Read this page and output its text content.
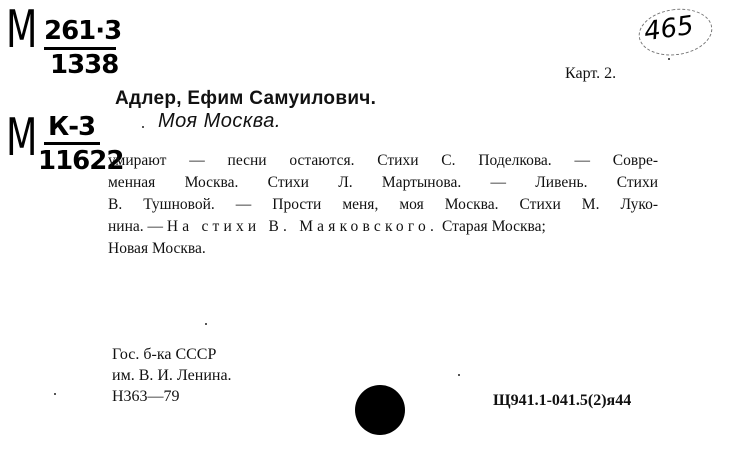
М 261·3
1338
М К-3
11622
465
Карт. 2.
Адлер, Ефим Самуилович.
Моя Москва.
умирают — песни остаются. Стихи С. Поделкова. — Совре-
менная Москва. Стихи Л. Мартынова. — Ливень. Стихи
В. Тушновой. — Прости меня, моя Москва. Стихи М. Луко-
нина. — На стихи В. Маяковского. Старая Москва;
Новая Москва.
Гос. б-ка СССР
им. В. И. Ленина.
Н363—79	Щ941.1-041.5(2)я44
